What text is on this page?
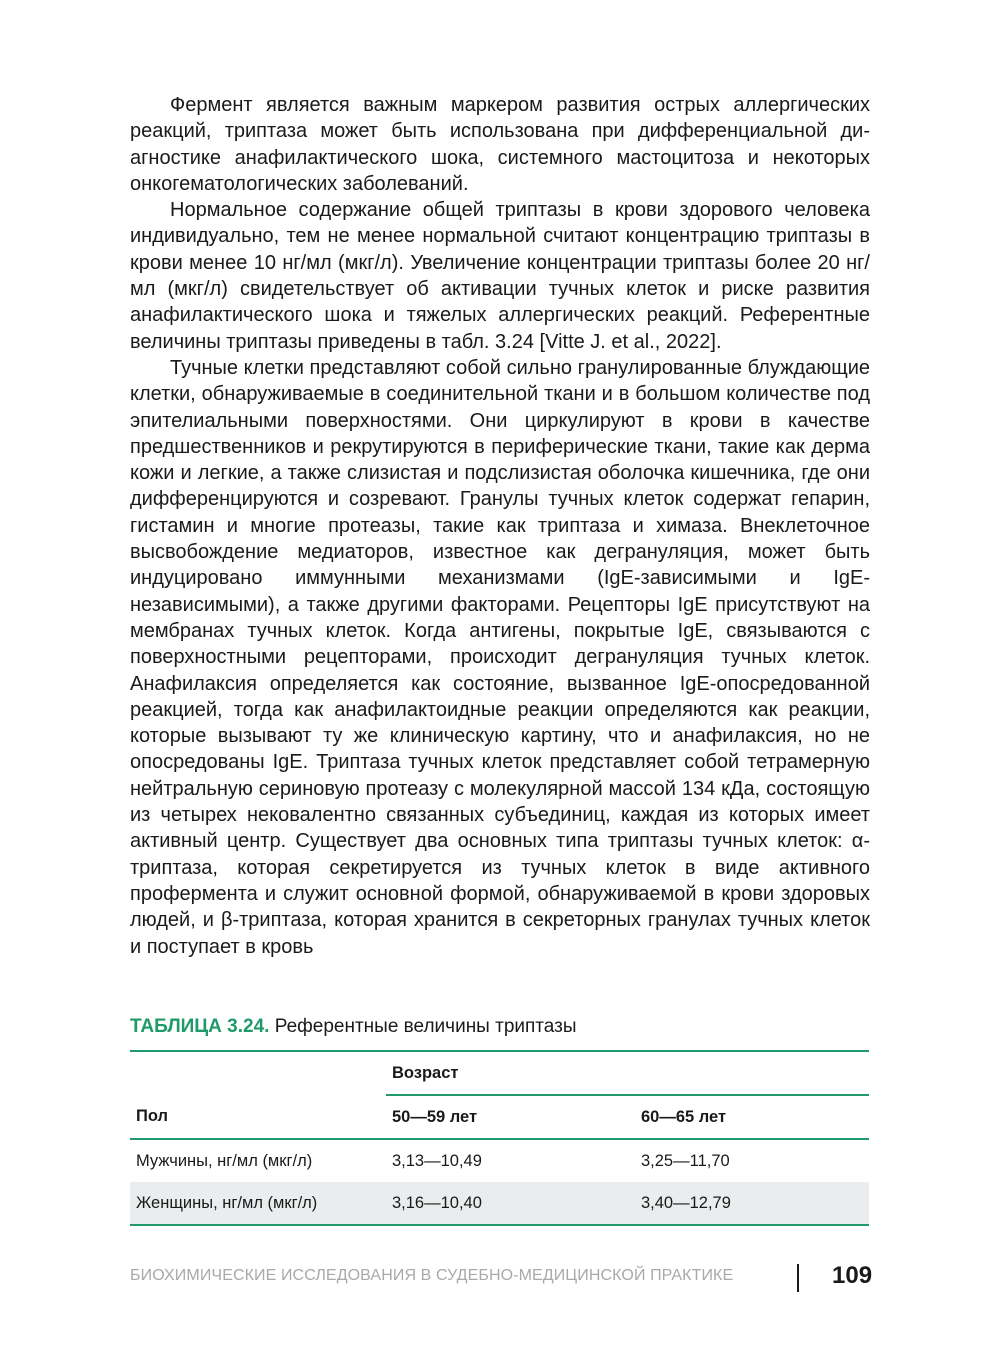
Фермент является важным маркером развития острых аллергических реакций, триптаза может быть использована при дифференциальной диагностике анафилактического шока, системного мастоцитоза и некоторых онкогематологических заболеваний.

Нормальное содержание общей триптазы в крови здорового человека индивидуально, тем не менее нормальной считают концентрацию триптазы в крови менее 10 нг/мл (мкг/л). Увеличение концентрации триптазы более 20 нг/мл (мкг/л) свидетельствует об активации тучных клеток и риске развития анафилактического шока и тяжелых аллергических реакций. Референтные величины триптазы приведены в табл. 3.24 [Vitte J. et al., 2022].

Тучные клетки представляют собой сильно гранулированные блуждающие клетки, обнаруживаемые в соединительной ткани и в большом количестве под эпителиальными поверхностями. Они циркулируют в крови в качестве предшественников и рекрутируются в периферические ткани, такие как дерма кожи и легкие, а также слизистая и подслизистая оболочка кишечника, где они дифференцируются и созревают. Гранулы тучных клеток содержат гепарин, гистамин и многие протеазы, такие как триптаза и химаза. Внеклеточное высвобождение медиаторов, известное как дегрануляция, может быть индуцировано иммунными механизмами (IgE-зависимыми и IgE-независимыми), а также другими факторами. Рецепторы IgE присутствуют на мембранах тучных клеток. Когда антигены, покрытые IgE, связываются с поверхностными рецепторами, происходит дегрануляция тучных клеток. Анафилаксия определяется как состояние, вызванное IgE-опосредованной реакцией, тогда как анафилактоидные реакции определяются как реакции, которые вызывают ту же клиническую картину, что и анафилаксия, но не опосредованы IgE. Триптаза тучных клеток представляет собой тетрамерную нейтральную сериновую протеазу с молекулярной массой 134 кДа, состоящую из четырех нековалентно связанных субъединиц, каждая из которых имеет активный центр. Существует два основных типа триптазы тучных клеток: α-триптаза, которая секретируется из тучных клеток в виде активного профермента и служит основной формой, обнаруживаемой в крови здоровых людей, и β-триптаза, которая хранится в секреторных гранулах тучных клеток и поступает в кровь

ТАБЛИЦА 3.24. Референтные величины триптазы
	Возраст	
Пол	50—59 лет	60—65 лет
Мужчины, нг/мл (мкг/л)	3,13—10,49	3,25—11,70
Женщины, нг/мл (мкг/л)	3,16—10,40	3,40—12,79
БИОХИМИЧЕСКИЕ ИССЛЕДОВАНИЯ В СУДЕБНО-МЕДИЦИНСКОЙ ПРАКТИКЕ	109
